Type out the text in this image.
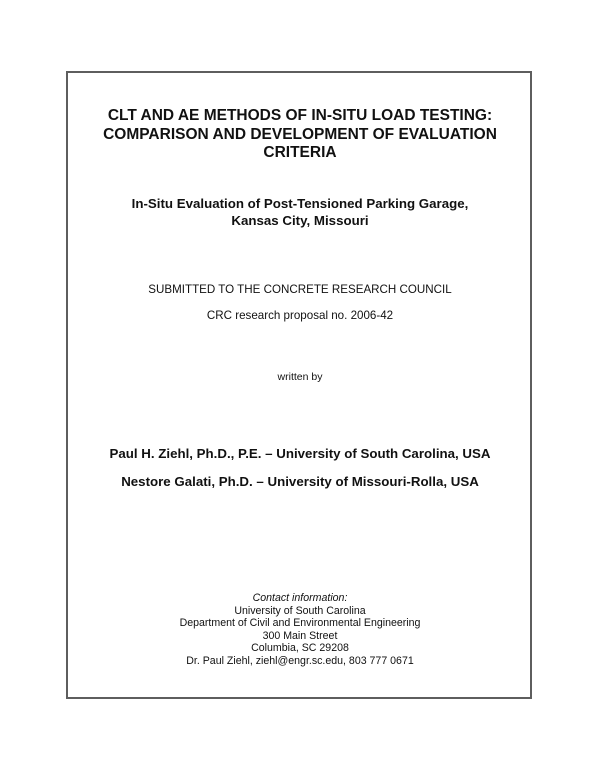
CLT AND AE METHODS OF IN-SITU LOAD TESTING:
COMPARISON AND DEVELOPMENT OF EVALUATION
CRITERIA
In-Situ Evaluation of Post-Tensioned Parking Garage,
Kansas City, Missouri
SUBMITTED TO THE CONCRETE RESEARCH COUNCIL
CRC research proposal no. 2006-42
written by
Paul H. Ziehl, Ph.D., P.E. – University of South Carolina, USA
Nestore Galati, Ph.D. – University of Missouri-Rolla, USA
Contact information:
University of South Carolina
Department of Civil and Environmental Engineering
300 Main Street
Columbia, SC 29208
Dr. Paul Ziehl, ziehl@engr.sc.edu, 803 777 0671
